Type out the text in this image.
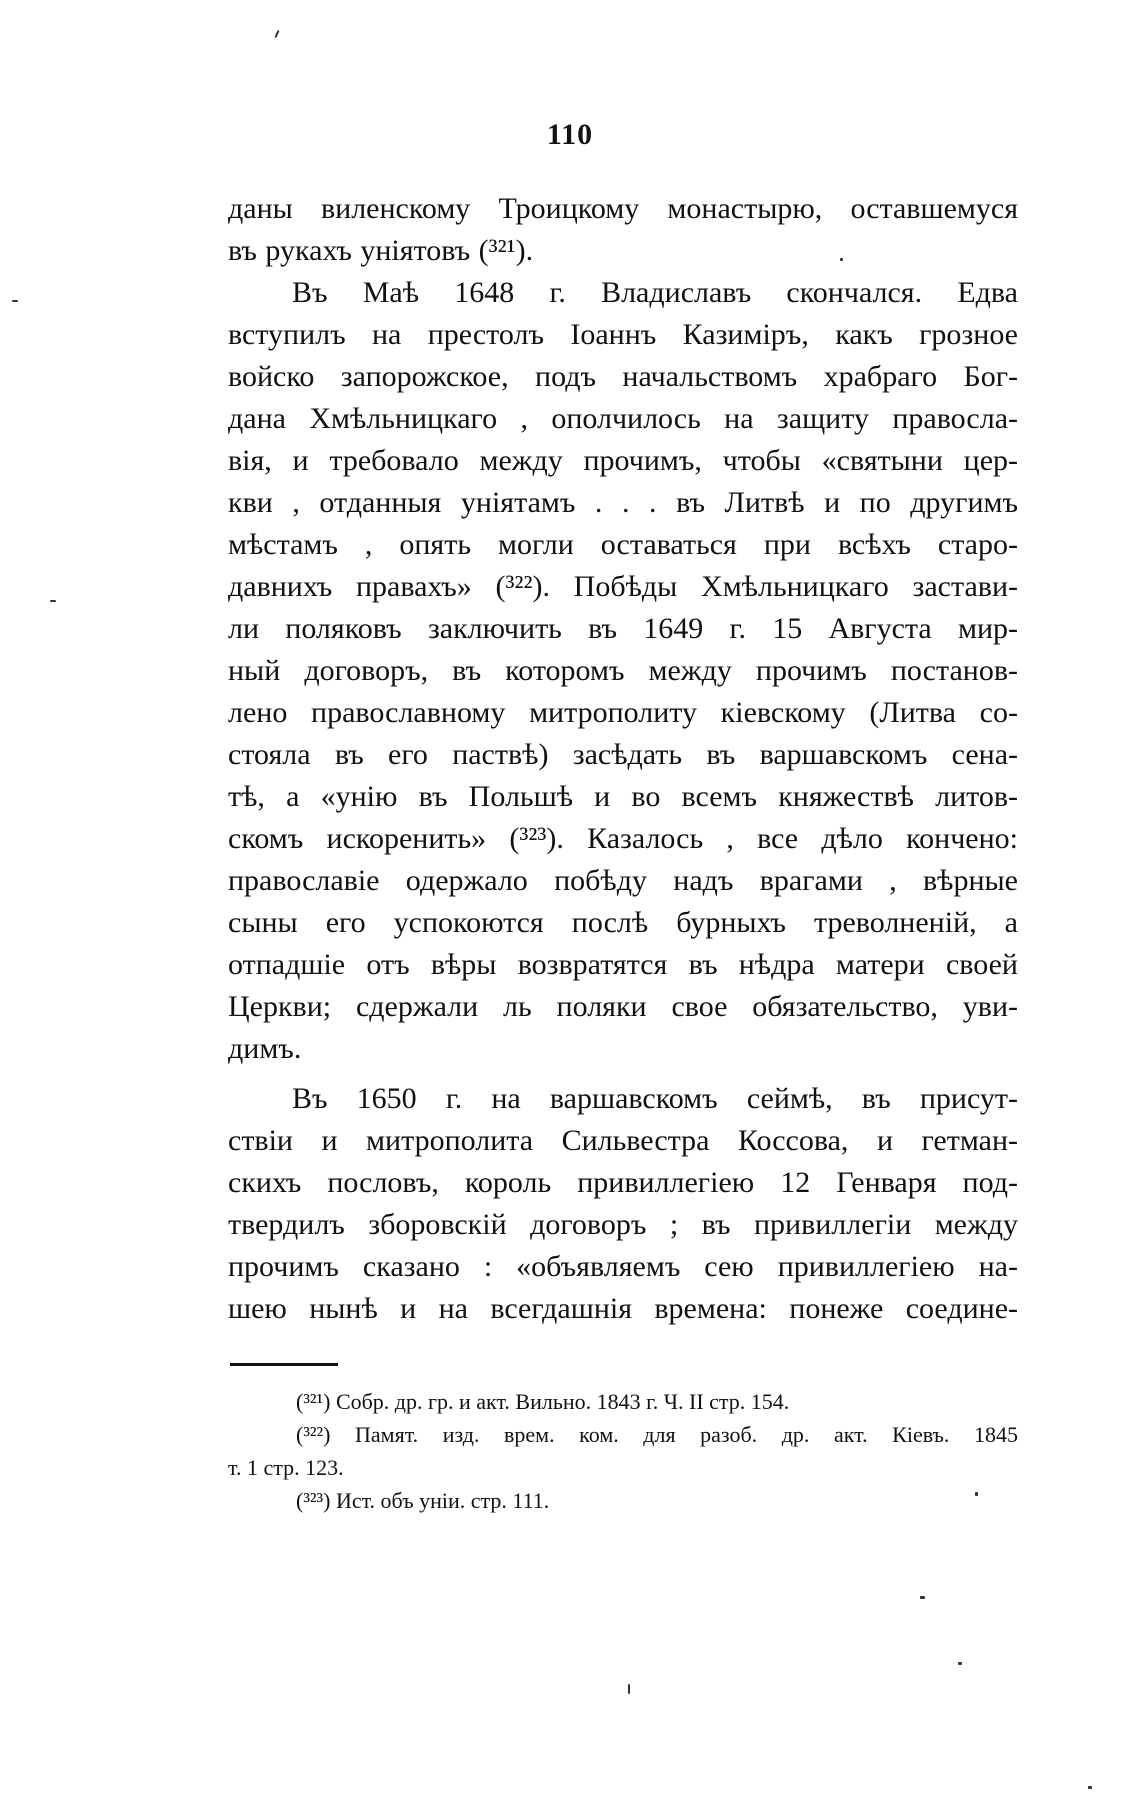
110
даны виленскому Троицкому монастырю, оставшемуся
въ рукахъ уніятовъ (³²¹).
Въ Маѣ 1648 г. Владиславъ скончался. Едва
вступилъ на престолъ Іоаннъ Казиміръ, какъ грозное
войско запорожское, подъ начальствомъ храбраго Бог-
дана Хмѣльницкаго , ополчилось на защиту правосла-
вія, и требовало между прочимъ, чтобы «святыни цер-
кви , отданныя уніятамъ . . . въ Литвѣ и по другимъ
мѣстамъ , опять могли оставаться при всѣхъ старо-
давнихъ правахъ» (³²²). Побѣды Хмѣльницкаго застави-
ли поляковъ заключить въ 1649 г. 15 Августа мир-
ный договоръ, въ которомъ между прочимъ постанов-
лено православному митрополиту кіевскому (Литва со-
стояла въ его паствѣ) засѣдать въ варшавскомъ сена-
тѣ, а «унію въ Польшѣ и во всемъ княжествѣ литов-
скомъ искоренить» (³²³). Казалось , все дѣло кончено:
православіе одержало побѣду надъ врагами , вѣрные
сыны его успокоются послѣ бурныхъ треволненій, а
отпадшіе отъ вѣры возвратятся въ нѣдра матери своей
Церкви; сдержали ль поляки свое обязательство, уви-
димъ.
Въ 1650 г. на варшавскомъ сеймѣ, въ присут-
ствіи и митрополита Сильвестра Коссова, и гетман-
скихъ пословъ, король привиллегіею 12 Генваря под-
твердилъ зборовскій договоръ ; въ привиллегіи между
прочимъ сказано : «объявляемъ сею привиллегіею на-
шею нынѣ и на всегдашнія времена: понеже соедине-
(³²¹) Собр. др. гр. и акт. Вильно. 1843 г. Ч. II стр. 154.
(³²²) Памят. изд. врем. ком. для разоб. др. акт. Кіевъ. 1845
т. 1 стр. 123.
(³²³) Ист. объ уніи. стр. 111.
